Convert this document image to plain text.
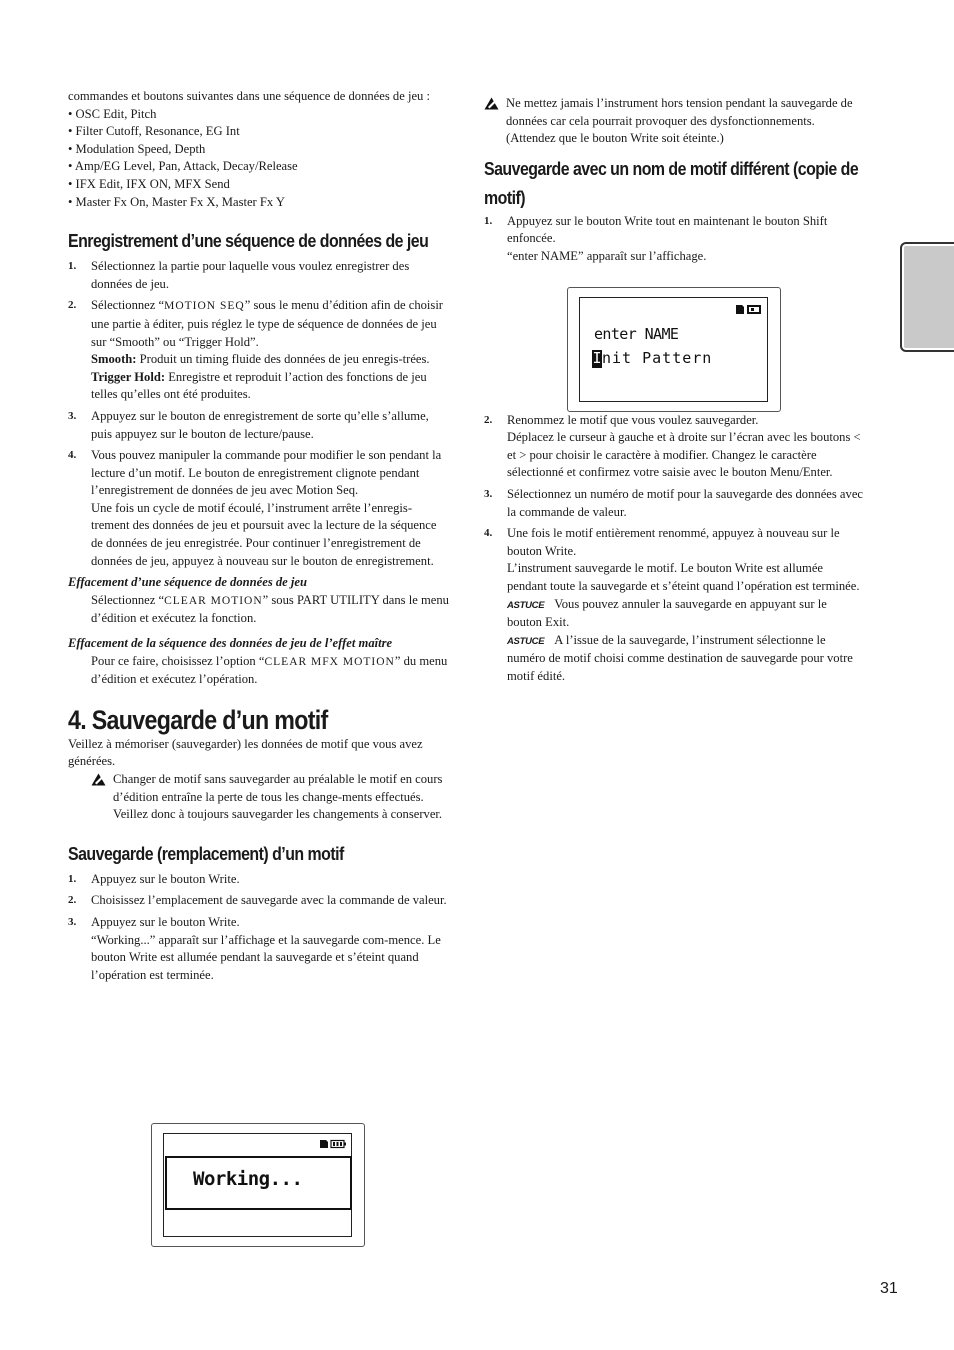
commandes et boutons suivantes dans une séquence de données de jeu :

• OSC Edit, Pitch

• Filter Cutoff, Resonance, EG Int

• Modulation Speed, Depth

• Amp/EG Level, Pan, Attack, Decay/Release

• IFX Edit, IFX ON, MFX Send

• Master Fx On, Master Fx X, Master Fx Y

Enregistrement d’une séquence de données de jeu
1. Sélectionnez la partie pour laquelle vous voulez enregistrer des données de jeu.

2. Sélectionnez “MOTION SEQ” sous le menu d’édition afin de choisir une partie à éditer, puis réglez le type de séquence de données de jeu sur “Smooth” ou “Trigger Hold”.

Smooth: Produit un timing fluide des données de jeu enregis-trées.

Trigger Hold: Enregistre et reproduit l’action des fonctions de jeu telles qu’elles ont été produites.

3. Appuyez sur le bouton de enregistrement de sorte qu’elle s’allume, puis appuyez sur le bouton de lecture/pause.

4. Vous pouvez manipuler la commande pour modifier le son pendant la lecture d’un motif. Le bouton de enregistrement clignote pendant l’enregistrement de données de jeu avec Motion Seq.

Une fois un cycle de motif écoulé, l’instrument arrête l’enregis-trement des données de jeu et poursuit avec la lecture de la séquence de données de jeu enregistrée. Pour continuer l’enregistrement de données de jeu, appuyez à nouveau sur le bouton de enregistrement.

Effacement d’une séquence de données de jeu

Sélectionnez “CLEAR MOTION” sous PART UTILITY dans le menu d’édition et exécutez la fonction.

Effacement de la séquence des données de jeu de l’effet maître

Pour ce faire, choisissez l’option “CLEAR MFX MOTION” du menu d’édition et exécutez l’opération.

4. Sauvegarde d’un motif

Veillez à mémoriser (sauvegarder) les données de motif que vous avez générées.

Changer de motif sans sauvegarder au préalable le motif en cours d’édition entraîne la perte de tous les change-ments effectués. Veillez donc à toujours sauvegarder les changements à conserver.

Sauvegarde (remplacement) d’un motif
1. Appuyez sur le bouton Write.

2. Choisissez l’emplacement de sauvegarde avec la commande de valeur.

3. Appuyez sur le bouton Write.

“Working...” apparaît sur l’affichage et la sauvegarde com-mence. Le bouton Write est allumée pendant la sauvegarde et s’éteint quand l’opération est terminée.

Working...

Ne mettez jamais l’instrument hors tension pendant la sauvegarde de données car cela pourrait provoquer des dysfonctionnements. (Attendez que le bouton Write soit éteinte.)

Sauvegarde avec un nom de motif différent (copie de motif)
1. Appuyez sur le bouton Write tout en maintenant le bouton Shift enfoncée.

“enter NAME” apparaît sur l’affichage.

2. Renommez le motif que vous voulez sauvegarder.

Déplacez le curseur à gauche et à droite sur l’écran avec les boutons < et > pour choisir le caractère à modifier. Changez le caractère sélectionné et confirmez votre saisie avec le bouton Menu/Enter.

3. Sélectionnez un numéro de motif pour la sauvegarde des données avec la commande de valeur.

4. Une fois le motif entièrement renommé, appuyez à nouveau sur le bouton Write.

L’instrument sauvegarde le motif. Le bouton Write est allumée pendant toute la sauvegarde et s’éteint quand l’opération est terminée.

ASTUCE Vous pouvez annuler la sauvegarde en appuyant sur le bouton Exit.

ASTUCE A l’issue de la sauvegarde, l’instrument sélectionne le numéro de motif choisi comme destination de sauvegarde pour votre motif édité.

enter NAME
Init Pattern
31
